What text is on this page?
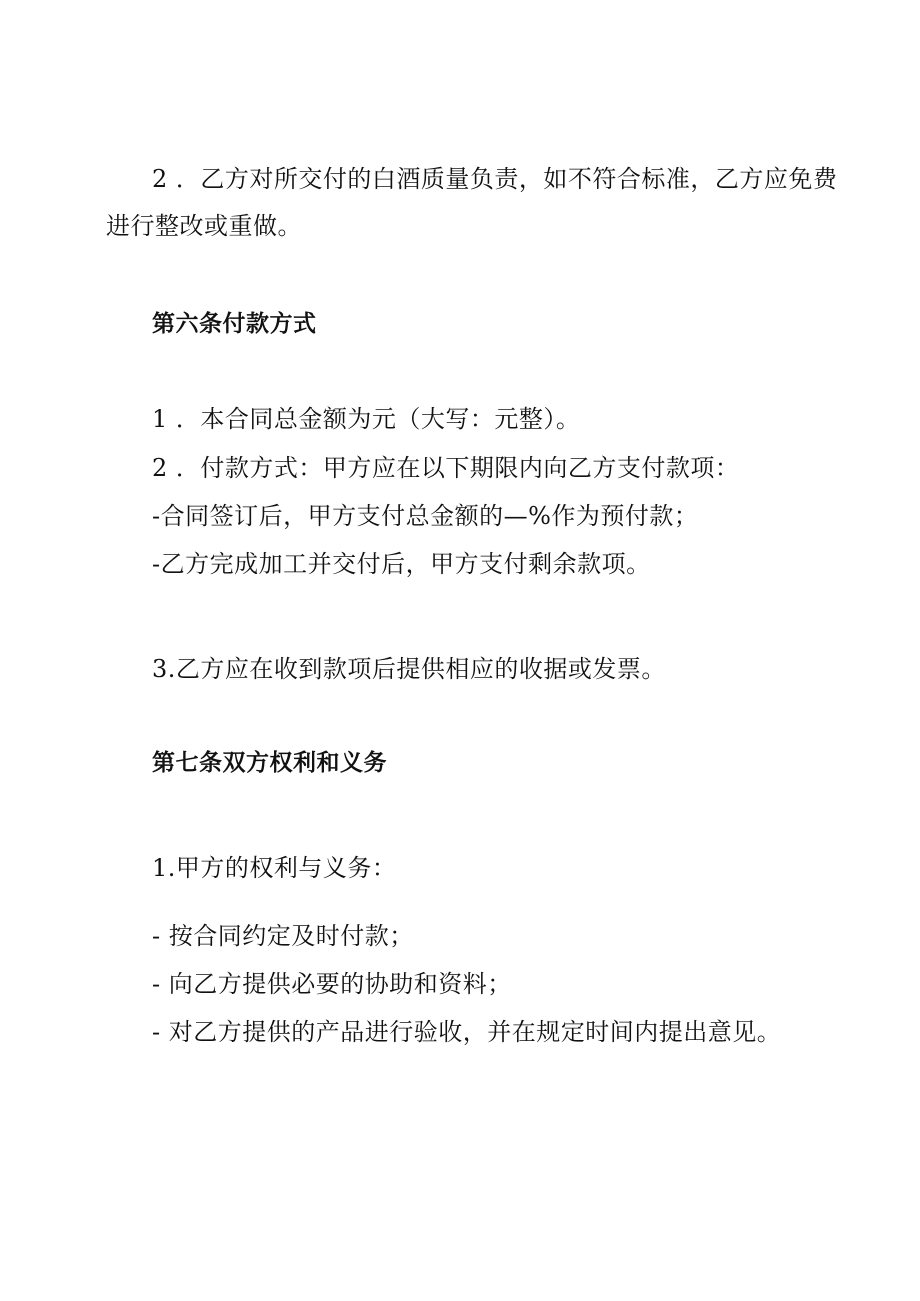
2 ．乙方对所交付的白酒质量负责，如不符合标准，乙方应免费
进行整改或重做。
第六条付款方式
1 ．本合同总金额为元（大写：元整）。
2 ．付款方式：甲方应在以下期限内向乙方支付款项：
-合同签订后，甲方支付总金额的—%作为预付款；
-乙方完成加工并交付后，甲方支付剩余款项。
3.乙方应在收到款项后提供相应的收据或发票。
第七条双方权利和义务
1.甲方的权利与义务：
- 按合同约定及时付款；
- 向乙方提供必要的协助和资料；
- 对乙方提供的产品进行验收，并在规定时间内提出意见。
